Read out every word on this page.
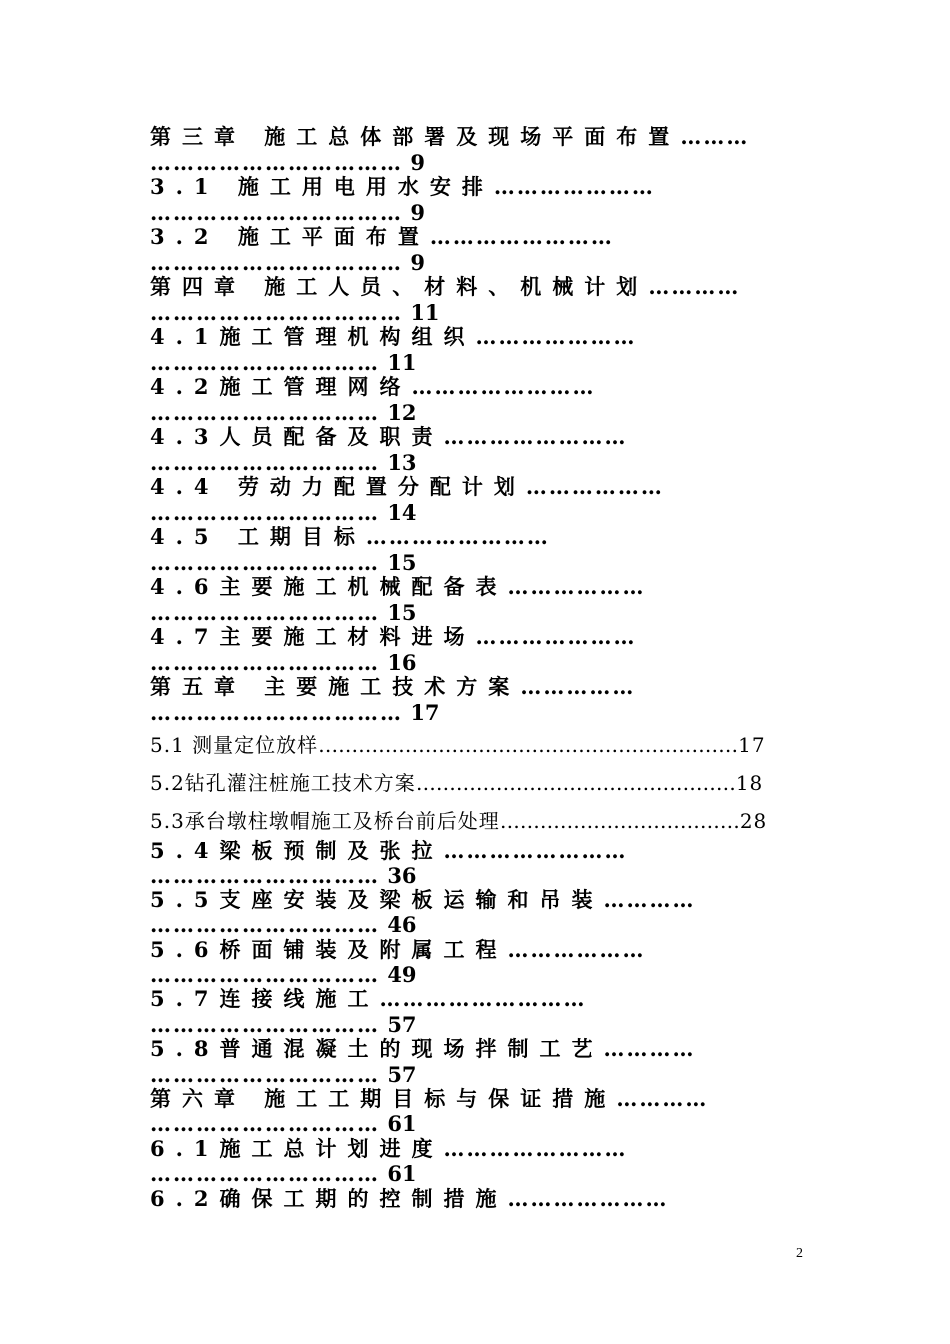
第三章 施工总体部署及现场平面布置………
…………………………… 9
3.1 施工用电用水安排…………………
…………………………… 9
3.2 施工平面布置……………………
…………………………… 9
第四章 施工人员、材料、机械计划…………
…………………………… 11
4.1施工管理机构组织…………………
………………………… 11
4.2施工管理网络……………………
………………………… 12
4.3人员配备及职责……………………
………………………… 13
4.4 劳动力配置分配计划………………
………………………… 14
4.5 工期目标……………………
………………………… 15
4.6主要施工机械配备表………………
………………………… 15
4.7主要施工材料进场…………………
………………………… 16
第五章 主要施工技术方案……………
…………………………… 17
5.1 测量定位放样………………………………………………………17
5.2钻孔灌注桩施工技术方案…………………………………………18
5.3承台墩柱墩帽施工及桥台前后处理………………………………28
5.4梁板预制及张拉……………………
………………………… 36
5.5支座安装及梁板运输和吊装…………
………………………… 46
5.6桥面铺装及附属工程………………
………………………… 49
5.7连接线施工………………………
………………………… 57
5.8普通混凝土的现场拌制工艺…………
………………………… 57
第六章 施工工期目标与保证措施…………
………………………… 61
6.1施工总计划进度……………………
………………………… 61
6.2确保工期的控制措施…………………
2
